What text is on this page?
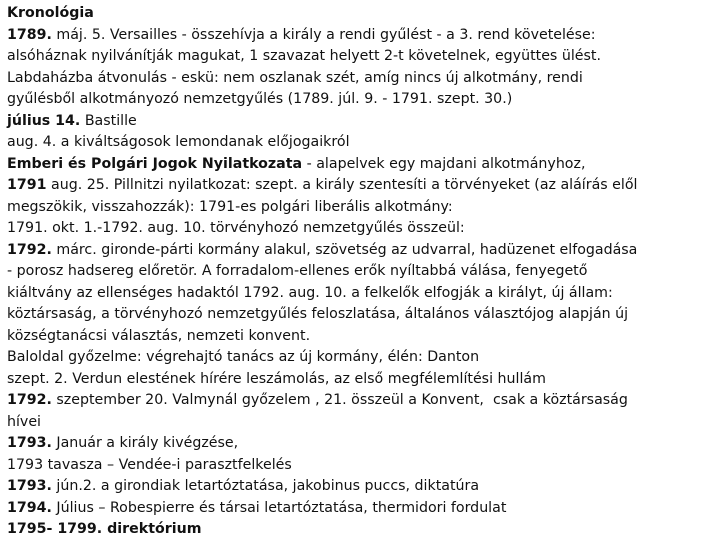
Kronológia
1789. máj. 5. Versailles - összehívja a király a rendi gyűlést - a 3. rend követelése:
alsóháznak nyilvánítják magukat, 1 szavazat helyett 2-t követelnek, együttes ülést.
Labdaházba átvonulás - eskü: nem oszlanak szét, amíg nincs új alkotmány, rendi
gyűlésből alkotmányozó nemzetgyűlés (1789. júl. 9. - 1791. szept. 30.)
július 14. Bastille
aug. 4. a kiváltságosok lemondanak előjogaikról
Emberi és Polgári Jogok Nyilatkozata - alapelvek egy majdani alkotmányhoz,
1791 aug. 25. Pillnitzi nyilatkozat: szept. a király szentesíti a törvényeket (az aláírás elől
megszökik, visszahozzák): 1791-es polgári liberális alkotmány:
1791. okt. 1.-1792. aug. 10. törvényhozó nemzetgyűlés összeül:
1792. márc. gironde-párti kormány alakul, szövetség az udvarral, hadüzenet elfogadása
- porosz hadsereg előretör. A forradalom-ellenes erők nyíltabbá válása, fenyegető
kiáltvány az ellenséges hadaktól 1792. aug. 10. a felkelők elfogják a királyt, új állam:
köztársaság, a törvényhozó nemzetgyűlés feloszlatása, általános választójog alapján új
községtanácsi választás, nemzeti konvent.
Baloldal győzelme: végrehajtó tanács az új kormány, élén: Danton
szept. 2. Verdun elestének hírére leszámolás, az első megfélemlítési hullám
1792. szeptember 20. Valmynál győzelem , 21. összeül a Konvent,  csak a köztársaság
hívei
1793. Január a király kivégzése,
1793 tavasza – Vendée-i parasztfelkelés
1793. jún.2. a girondiak letartóztatása, jakobinus puccs, diktatúra
1794. Július – Robespierre és társai letartóztatása, thermidori fordulat
1795- 1799. direktórium
